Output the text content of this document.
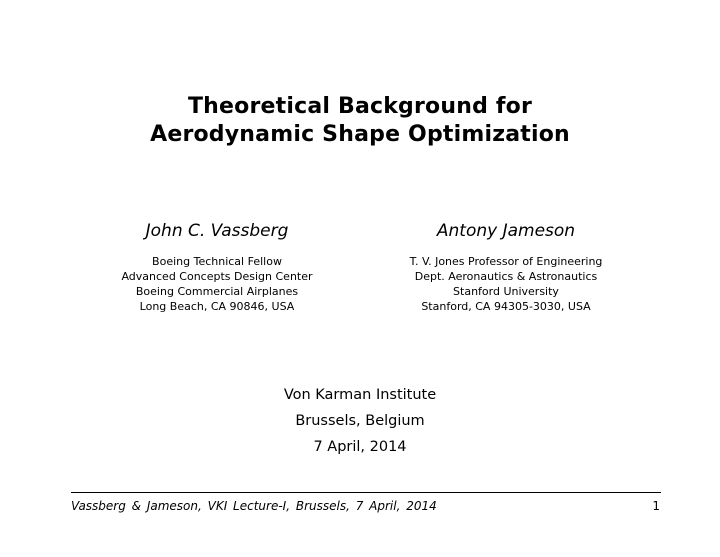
Theoretical Background for
Aerodynamic Shape Optimization
John C. Vassberg
Boeing Technical Fellow
Advanced Concepts Design Center
Boeing Commercial Airplanes
Long Beach, CA 90846, USA
Antony Jameson
T. V. Jones Professor of Engineering
Dept. Aeronautics & Astronautics
Stanford University
Stanford, CA 94305-3030, USA
Von Karman Institute
Brussels, Belgium
7 April, 2014
Vassberg & Jameson, VKI Lecture-I, Brussels, 7 April, 2014	1
